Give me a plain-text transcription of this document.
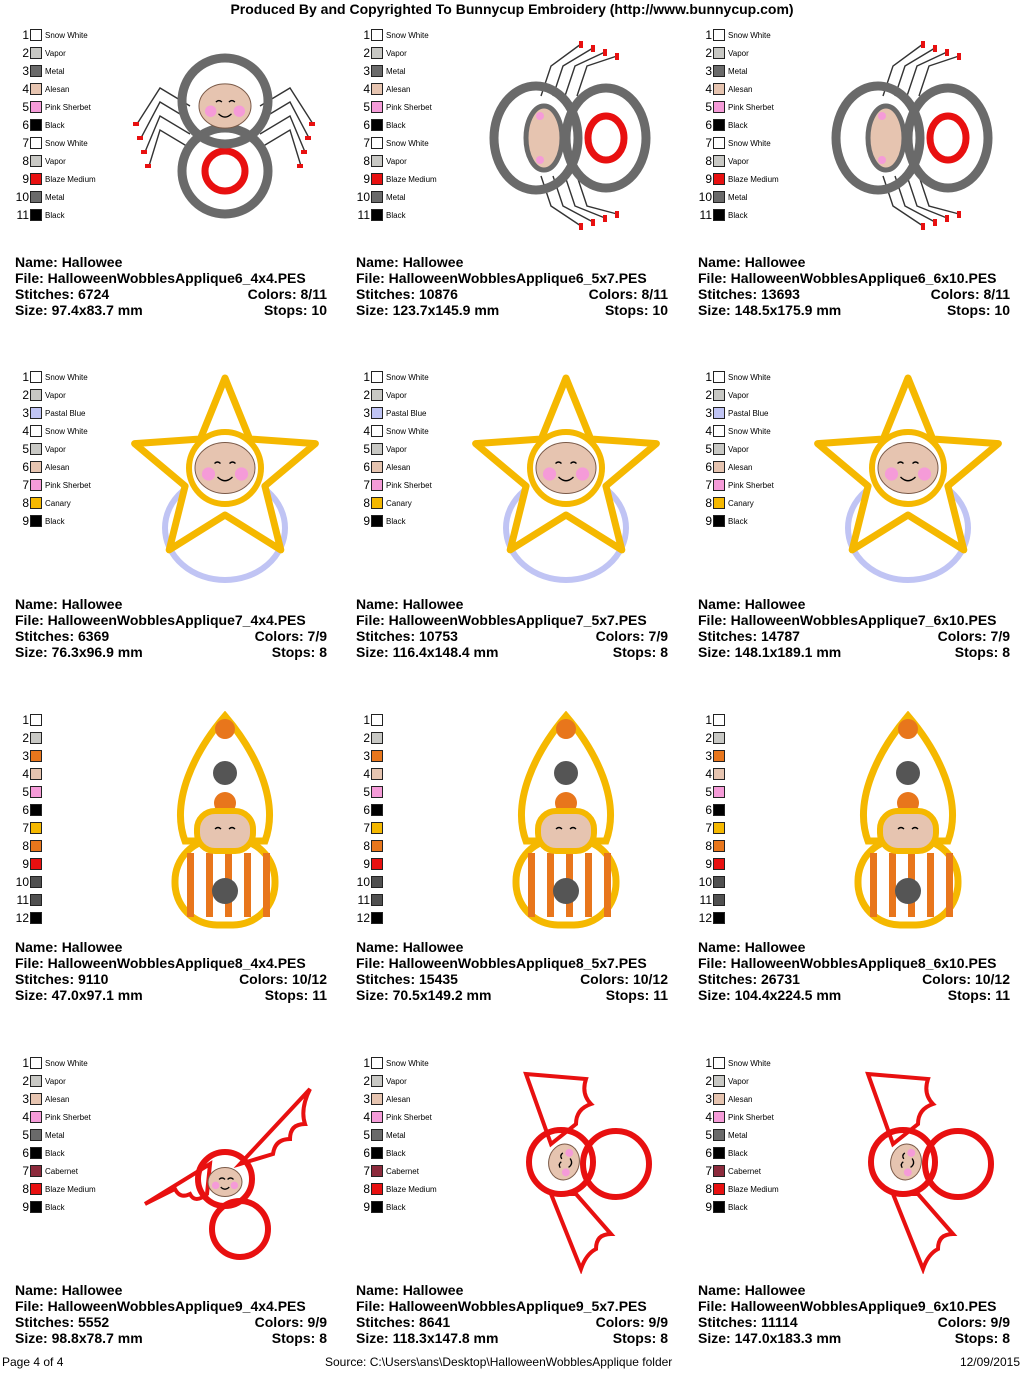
Produced By and Copyrighted To Bunnycup Embroidery (http://www.bunnycup.com)
1 Snow White
2 Vapor
3 Metal
4 Alesan
5 Pink Sherbet
6 Black
7 Snow White
8 Vapor
9 Blaze Medium
10 Metal
11 Black
Name: Hallowee
File: HalloweenWobblesApplique6_4x4.PES
Stitches: 6724	Colors: 8/11
Size: 97.4x83.7 mm	Stops: 10
1 Snow White
2 Vapor
3 Metal
4 Alesan
5 Pink Sherbet
6 Black
7 Snow White
8 Vapor
9 Blaze Medium
10 Metal
11 Black
Name: Hallowee
File: HalloweenWobblesApplique6_5x7.PES
Stitches: 10876	Colors: 8/11
Size: 123.7x145.9 mm	Stops: 10
1 Snow White
2 Vapor
3 Metal
4 Alesan
5 Pink Sherbet
6 Black
7 Snow White
8 Vapor
9 Blaze Medium
10 Metal
11 Black
Name: Hallowee
File: HalloweenWobblesApplique6_6x10.PES
Stitches: 13693	Colors: 8/11
Size: 148.5x175.9 mm	Stops: 10
1 Snow White
2 Vapor
3 Pastal Blue
4 Snow White
5 Vapor
6 Alesan
7 Pink Sherbet
8 Canary
9 Black
Name: Hallowee
File: HalloweenWobblesApplique7_4x4.PES
Stitches: 6369	Colors: 7/9
Size: 76.3x96.9 mm	Stops: 8
1 Snow White
2 Vapor
3 Pastal Blue
4 Snow White
5 Vapor
6 Alesan
7 Pink Sherbet
8 Canary
9 Black
Name: Hallowee
File: HalloweenWobblesApplique7_5x7.PES
Stitches: 10753	Colors: 7/9
Size: 116.4x148.4 mm	Stops: 8
1 Snow White
2 Vapor
3 Pastal Blue
4 Snow White
5 Vapor
6 Alesan
7 Pink Sherbet
8 Canary
9 Black
Name: Hallowee
File: HalloweenWobblesApplique7_6x10.PES
Stitches: 14787	Colors: 7/9
Size: 148.1x189.1 mm	Stops: 8
1
2
3
4
5
6
7
8
9
10
11
12
Name: Hallowee
File: HalloweenWobblesApplique8_4x4.PES
Stitches: 9110	Colors: 10/12
Size: 47.0x97.1 mm	Stops: 11
1
2
3
4
5
6
7
8
9
10
11
12
Name: Hallowee
File: HalloweenWobblesApplique8_5x7.PES
Stitches: 15435	Colors: 10/12
Size: 70.5x149.2 mm	Stops: 11
1
2
3
4
5
6
7
8
9
10
11
12
Name: Hallowee
File: HalloweenWobblesApplique8_6x10.PES
Stitches: 26731	Colors: 10/12
Size: 104.4x224.5 mm	Stops: 11
1 Snow White
2 Vapor
3 Alesan
4 Pink Sherbet
5 Metal
6 Black
7 Cabernet
8 Blaze Medium
9 Black
Name: Hallowee
File: HalloweenWobblesApplique9_4x4.PES
Stitches: 5552	Colors: 9/9
Size: 98.8x78.7 mm	Stops: 8
1 Snow White
2 Vapor
3 Alesan
4 Pink Sherbet
5 Metal
6 Black
7 Cabernet
8 Blaze Medium
9 Black
Name: Hallowee
File: HalloweenWobblesApplique9_5x7.PES
Stitches: 8641	Colors: 9/9
Size: 118.3x147.8 mm	Stops: 8
1 Snow White
2 Vapor
3 Alesan
4 Pink Sherbet
5 Metal
6 Black
7 Cabernet
8 Blaze Medium
9 Black
Name: Hallowee
File: HalloweenWobblesApplique9_6x10.PES
Stitches: 11114	Colors: 9/9
Size: 147.0x183.3 mm	Stops: 8
Page 4 of 4	Source: C:\Users\ans\Desktop\HalloweenWobblesApplique folder	12/09/2015
